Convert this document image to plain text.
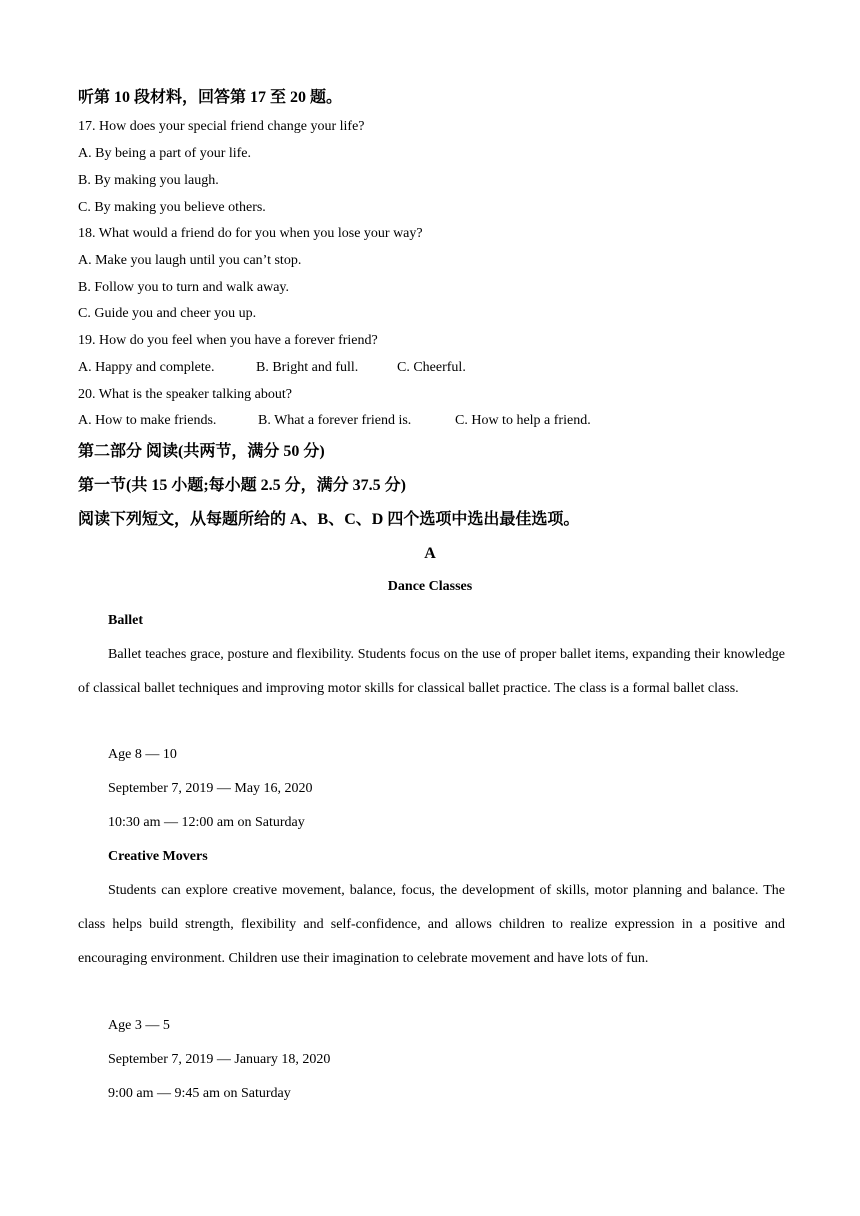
听第 10 段材料，回答第 17 至 20 题。
17. How does your special friend change your life?
A. By being a part of your life.
B. By making you laugh.
C. By making you believe others.
18. What would a friend do for you when you lose your way?
A. Make you laugh until you can’t stop.
B. Follow you to turn and walk away.
C. Guide you and cheer you up.
19. How do you feel when you have a forever friend?
A. Happy and complete.	B. Bright and full.	C. Cheerful.
20. What is the speaker talking about?
A. How to make friends.	B. What a forever friend is.	C. How to help a friend.
第二部分 阅读(共两节，满分 50 分)
第一节(共 15 小题;每小题 2.5 分，满分 37.5 分)
阅读下列短文，从每题所给的 A、B、C、D 四个选项中选出最佳选项。
A
Dance Classes
Ballet
Ballet teaches grace, posture and flexibility. Students focus on the use of proper ballet items, expanding their knowledge of classical ballet techniques and improving motor skills for classical ballet practice. The class is a formal ballet class.
Age 8 — 10
September 7, 2019 — May 16, 2020
10:30 am — 12:00 am on Saturday
Creative Movers
Students can explore creative movement, balance, focus, the development of skills, motor planning and balance. The class helps build strength, flexibility and self-confidence, and allows children to realize expression in a positive and encouraging environment. Children use their imagination to celebrate movement and have lots of fun.
Age 3 — 5
September 7, 2019 — January 18, 2020
9:00 am — 9:45 am on Saturday
